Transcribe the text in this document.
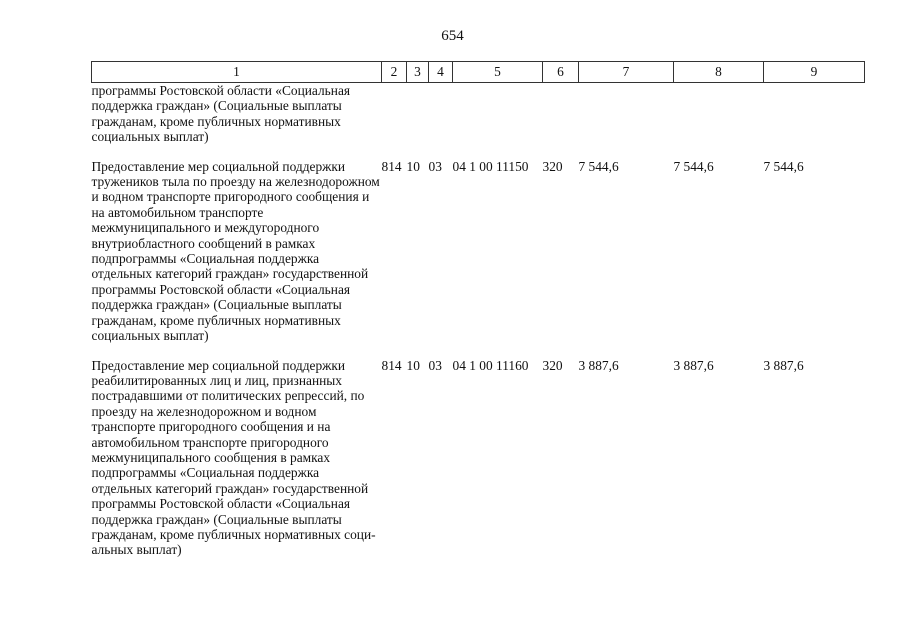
654
1	2	3	4	5	6	7	8	9
программы Ростовской области «Социальная поддержка граждан» (Социальные выплаты гражданам, кроме публичных нормативных социальных выплат)								
Предоставление мер социальной поддержки тружеников тыла по проезду на железнодорожном и водном транспорте пригородного сообщения и на автомобильном транспорте межмуниципального и междугородного внутриобластного сообщений в рамках подпрограммы «Социальная поддержка отдельных категорий граждан» государственной программы Ростовской области «Социальная поддержка граждан» (Социальные выплаты гражданам, кроме публичных нормативных социальных выплат)	814	10	03	04 1 00 11150	320	7 544,6	7 544,6	7 544,6
Предоставление мер социальной поддержки реабилитированных лиц и лиц, признанных пострадавшими от политических репрессий, по проезду на железнодорожном и водном транспорте пригородного сообщения и на автомобильном транспорте пригородного межмуниципального сообщения в рамках подпрограммы «Социальная поддержка отдельных категорий граждан» государственной программы Ростовской области «Социальная поддержка граждан» (Социальные выплаты гражданам, кроме публичных нормативных социальных выплат)	814	10	03	04 1 00 11160	320	3 887,6	3 887,6	3 887,6
